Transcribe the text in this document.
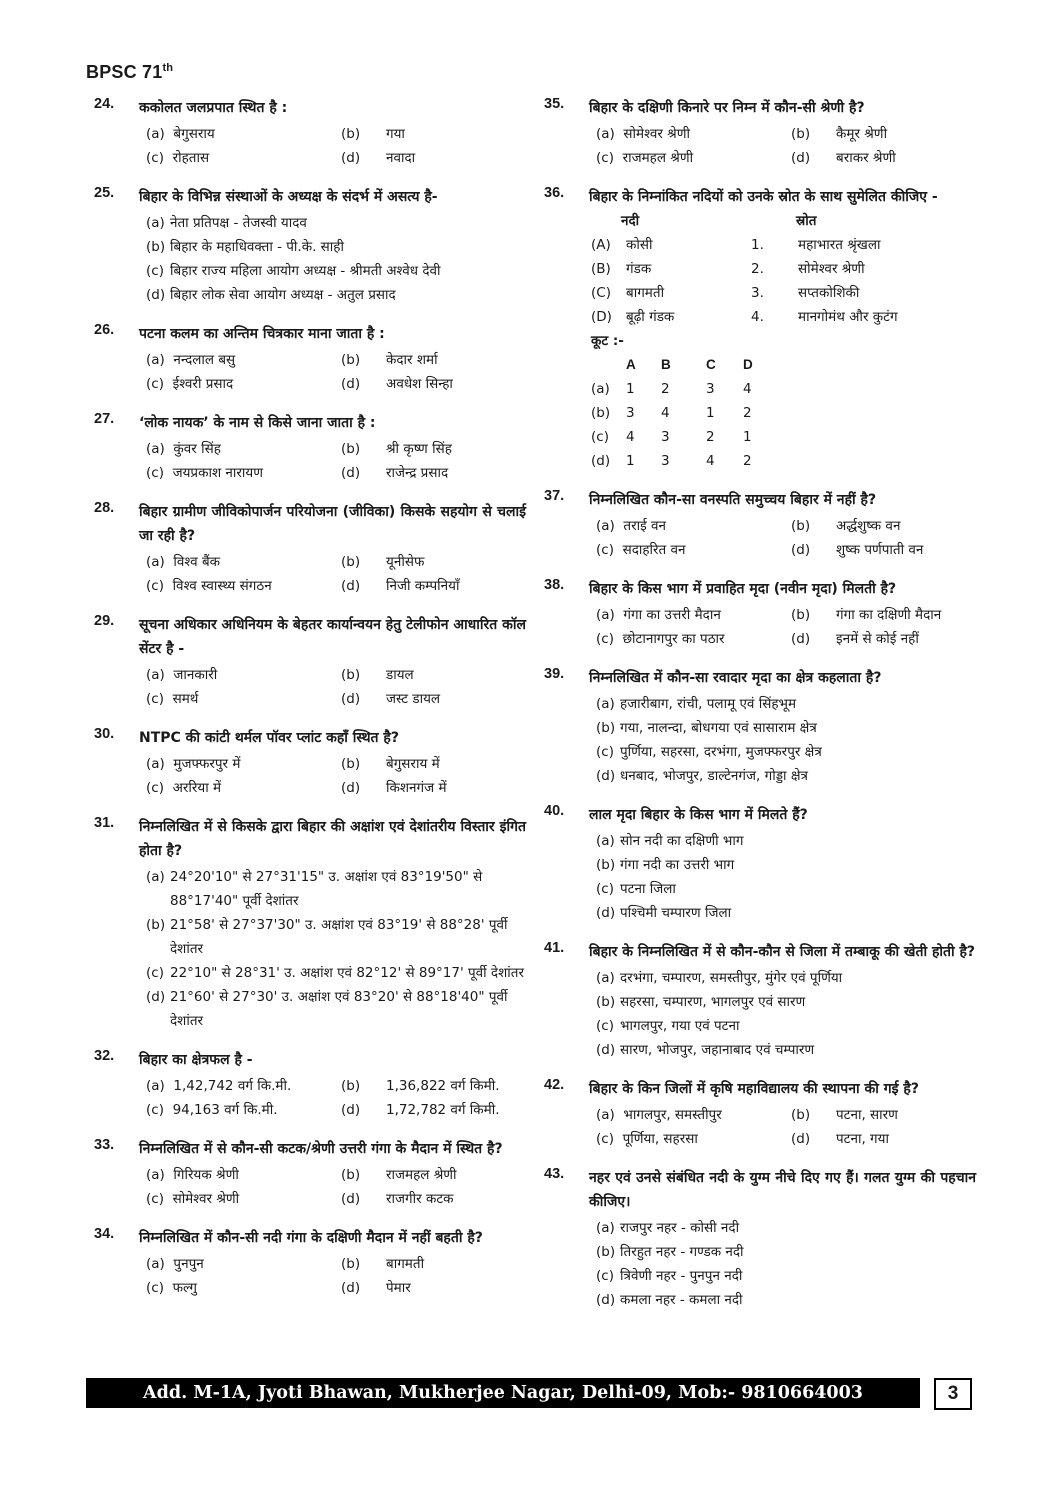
BPSC 71th
24. ककोलत जलप्रपात स्थित है :
(a) बेगुसराय	(b)	गया
(c) रोहतास	(d)	नवादा
25. बिहार के विभिन्न संस्थाओं के अध्यक्ष के संदर्भ में असत्य है-
(a) नेता प्रतिपक्ष - तेजस्वी यादव
(b) बिहार के महाधिवक्ता - पी.के. साही
(c) बिहार राज्य महिला आयोग अध्यक्ष - श्रीमती अश्वेध देवी
(d) बिहार लोक सेवा आयोग अध्यक्ष - अतुल प्रसाद
26. पटना कलम का अन्तिम चित्रकार माना जाता है :
(a) नन्दलाल बसु	(b)	केदार शर्मा
(c) ईश्वरी प्रसाद	(d)	अवधेश सिन्हा
27. ‘लोक नायक’ के नाम से किसे जाना जाता है :
(a) कुंवर सिंह	(b)	श्री कृष्ण सिंह
(c) जयप्रकाश नारायण	(d)	राजेन्द्र प्रसाद
28. बिहार ग्रामीण जीविकोपार्जन परियोजना (जीविका) किसके सहयोग से चलाई जा रही है?
(a) विश्व बैंक	(b)	यूनीसेफ
(c) विश्व स्वास्थ्य संगठन	(d)	निजी कम्पनियाँ
29. सूचना अधिकार अधिनियम के बेहतर कार्यान्वयन हेतु टेलीफोन आधारित कॉल सेंटर है -
(a) जानकारी	(b)	डायल
(c) समर्थ	(d)	जस्ट डायल
30. NTPC की कांटी थर्मल पॉवर प्लांट कहाँ स्थित है?
(a) मुजफ्फरपुर में	(b)	बेगुसराय में
(c) अररिया में	(d)	किशनगंज में
31. निम्नलिखित में से किसके द्वारा बिहार की अक्षांश एवं देशांतरीय विस्तार इंगित होता है?
(a) 24°20'10" से 27°31'15" उ. अक्षांश एवं 83°19'50" से 88°17'40" पूर्वी देशांतर
(b) 21°58' से 27°37'30" उ. अक्षांश एवं 83°19' से 88°28' पूर्वी देशांतर
(c) 22°10" से 28°31' उ. अक्षांश एवं 82°12' से 89°17' पूर्वी देशांतर
(d) 21°60' से 27°30' उ. अक्षांश एवं 83°20' से 88°18'40" पूर्वी देशांतर
32. बिहार का क्षेत्रफल है -
(a) 1,42,742 वर्ग कि.मी.	(b)	1,36,822 वर्ग किमी.
(c) 94,163 वर्ग कि.मी.	(d)	1,72,782 वर्ग किमी.
33. निम्नलिखित में से कौन-सी कटक/श्रेणी उत्तरी गंगा के मैदान में स्थित है?
(a) गिरियक श्रेणी	(b)	राजमहल श्रेणी
(c) सोमेश्वर श्रेणी	(d)	राजगीर कटक
34. निम्नलिखित में कौन-सी नदी गंगा के दक्षिणी मैदान में नहीं बहती है?
(a) पुनपुन	(b)	बागमती
(c) फल्गु	(d)	पेमार
35. बिहार के दक्षिणी किनारे पर निम्न में कौन-सी श्रेणी है?
(a) सोमेश्वर श्रेणी	(b)	कैमूर श्रेणी
(c) राजमहल श्रेणी	(d)	बराकर श्रेणी
36. बिहार के निम्नांकित नदियों को उनके स्रोत के साथ सुमेलित कीजिए -
नदी	स्रोत
(A)	कोसी	1.	महाभारत श्रृंखला
(B)	गंडक	2.	सोमेश्वर श्रेणी
(C)	बागमती	3.	सप्तकोशिकी
(D)	बूढ़ी गंडक	4.	मानगोमंथ और कुटंग
कूट :-
A	B	C	D
(a)	1	2	3	4
(b)	3	4	1	2
(c)	4	3	2	1
(d)	1	3	4	2
37. निम्नलिखित कौन-सा वनस्पति समुच्चय बिहार में नहीं है?
(a) तराई वन	(b)	अर्द्धशुष्क वन
(c) सदाहरित वन	(d)	शुष्क पर्णपाती वन
38. बिहार के किस भाग में प्रवाहित मृदा (नवीन मृदा) मिलती है?
(a) गंगा का उत्तरी मैदान	(b)	गंगा का दक्षिणी मैदान
(c) छोटानागपुर का पठार	(d)	इनमें से कोई नहीं
39. निम्नलिखित में कौन-सा रवादार मृदा का क्षेत्र कहलाता है?
(a) हजारीबाग, रांची, पलामू एवं सिंहभूम
(b) गया, नालन्दा, बोधगया एवं सासाराम क्षेत्र
(c) पुर्णिया, सहरसा, दरभंगा, मुजफ्फरपुर क्षेत्र
(d) धनबाद, भोजपुर, डाल्टेनगंज, गोड्डा क्षेत्र
40. लाल मृदा बिहार के किस भाग में मिलते हैं?
(a) सोन नदी का दक्षिणी भाग
(b) गंगा नदी का उत्तरी भाग
(c) पटना जिला
(d) पश्चिमी चम्पारण जिला
41. बिहार के निम्नलिखित में से कौन-कौन से जिला में तम्बाकू की खेती होती है?
(a) दरभंगा, चम्पारण, समस्तीपुर, मुंगेर एवं पूर्णिया
(b) सहरसा, चम्पारण, भागलपुर एवं सारण
(c) भागलपुर, गया एवं पटना
(d) सारण, भोजपुर, जहानाबाद एवं चम्पारण
42. बिहार के किन जिलों में कृषि महाविद्यालय की स्थापना की गई है?
(a) भागलपुर, समस्तीपुर	(b)	पटना, सारण
(c) पूर्णिया, सहरसा	(d)	पटना, गया
43. नहर एवं उनसे संबंधित नदी के युग्म नीचे दिए गए हैं। गलत युग्म की पहचान कीजिए।
(a) राजपुर नहर - कोसी नदी
(b) तिरहुत नहर - गण्डक नदी
(c) त्रिवेणी नहर - पुनपुन नदी
(d) कमला नहर - कमला नदी
Add. M-1A, Jyoti Bhawan, Mukherjee Nagar, Delhi-09, Mob:- 9810664003	3
